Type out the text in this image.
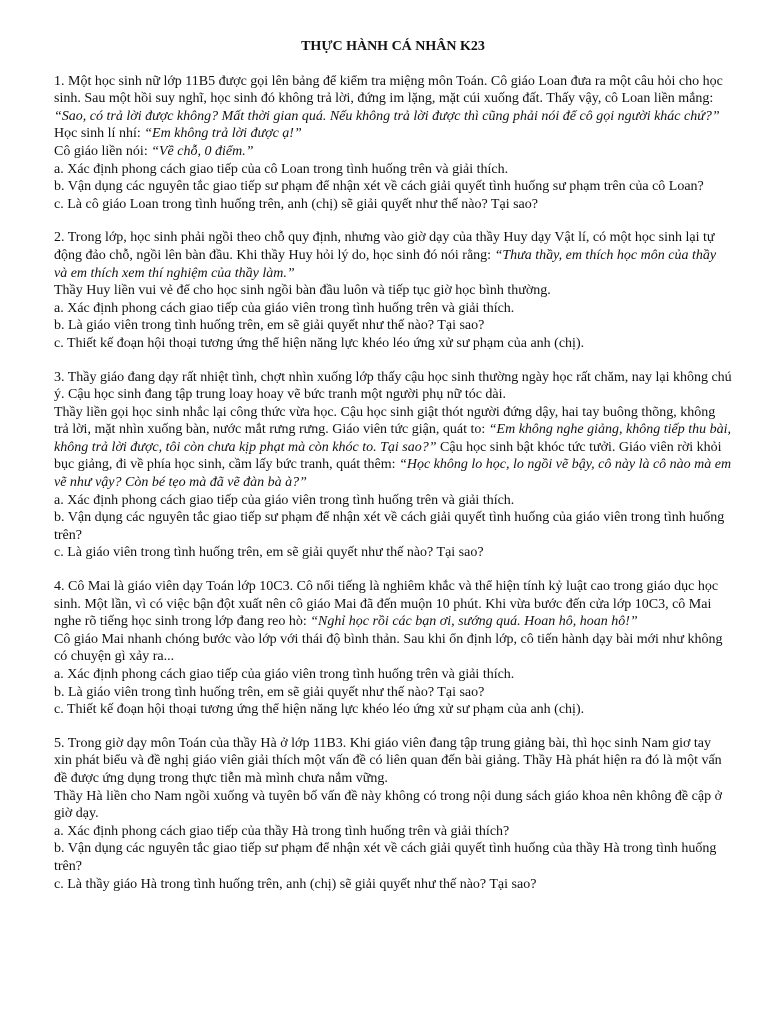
THỰC HÀNH CÁ NHÂN K23

1. Một học sinh nữ lớp 11B5 được gọi lên bảng để kiểm tra miệng môn Toán. Cô giáo Loan đưa ra một câu hỏi cho học sinh. Sau một hồi suy nghĩ, học sinh đó không trả lời, đứng im lặng, mặt cúi xuống đất. Thấy vậy, cô Loan liền mắng: “Sao, có trả lời được không? Mất thời gian quá. Nếu không trả lời được thì cũng phải nói để cô gọi người khác chứ?”

Học sinh lí nhí: “Em không trả lời được ạ!”

Cô giáo liền nói: “Về chỗ, 0 điểm.”

a. Xác định phong cách giao tiếp của cô Loan trong tình huống trên và giải thích.

b. Vận dụng các nguyên tắc giao tiếp sư phạm để nhận xét về cách giải quyết tình huống sư phạm trên của cô Loan?

c. Là cô giáo Loan trong tình huống trên, anh (chị) sẽ giải quyết như thế nào? Tại sao?

2. Trong lớp, học sinh phải ngồi theo chỗ quy định, nhưng vào giờ dạy của thầy Huy dạy Vật lí, có một học sinh lại tự động đảo chỗ, ngồi lên bàn đầu. Khi thầy Huy hỏi lý do, học sinh đó nói rằng: “Thưa thầy, em thích học môn của thầy và em thích xem thí nghiệm của thầy làm.”

Thầy Huy liền vui vẻ để cho học sinh ngồi bàn đầu luôn và tiếp tục giờ học bình thường.

a. Xác định phong cách giao tiếp của giáo viên trong tình huống trên và giải thích.

b. Là giáo viên trong tình huống trên, em sẽ giải quyết như thế nào? Tại sao?

c. Thiết kế đoạn hội thoại tương ứng thể hiện năng lực khéo léo ứng xử sư phạm của anh (chị).

3. Thầy giáo đang dạy rất nhiệt tình, chợt nhìn xuống lớp thấy cậu học sinh thường ngày học rất chăm, nay lại không chú ý. Cậu học sinh đang tập trung loay hoay vẽ bức tranh một người phụ nữ tóc dài.

Thầy liền gọi học sinh nhắc lại công thức vừa học. Cậu học sinh giật thót người đứng dậy, hai tay buông thõng, không trả lời, mặt nhìn xuống bàn, nước mắt rưng rưng. Giáo viên tức giận, quát to: “Em không nghe giảng, không tiếp thu bài, không trả lời được, tôi còn chưa kịp phạt mà còn khóc to. Tại sao?” Cậu học sinh bật khóc tức tưởi. Giáo viên rời khỏi bục giảng, đi về phía học sinh, cầm lấy bức tranh, quát thêm: “Học không lo học, lo ngồi vẽ bậy, cô này là cô nào mà em vẽ như vậy? Còn bé tẹo mà đã vẽ đàn bà à?”

a. Xác định phong cách giao tiếp của giáo viên trong tình huống trên và giải thích.

b. Vận dụng các nguyên tắc giao tiếp sư phạm để nhận xét về cách giải quyết tình huống của giáo viên trong tình huống trên?

c. Là giáo viên trong tình huống trên, em sẽ giải quyết như thế nào? Tại sao?

4. Cô Mai là giáo viên dạy Toán lớp 10C3. Cô nổi tiếng là nghiêm khắc và thể hiện tính kỷ luật cao trong giáo dục học sinh. Một lần, vì có việc bận đột xuất nên cô giáo Mai đã đến muộn 10 phút. Khi vừa bước đến cửa lớp 10C3, cô Mai nghe rõ tiếng học sinh trong lớp đang reo hò: “Nghỉ học rồi các bạn ơi, sướng quá. Hoan hô, hoan hô!”

Cô giáo Mai nhanh chóng bước vào lớp với thái độ bình thản. Sau khi ổn định lớp, cô tiến hành dạy bài mới như không có chuyện gì xảy ra...

a. Xác định phong cách giao tiếp của giáo viên trong tình huống trên và giải thích.

b. Là giáo viên trong tình huống trên, em sẽ giải quyết như thế nào? Tại sao?

c. Thiết kế đoạn hội thoại tương ứng thể hiện năng lực khéo léo ứng xử sư phạm của anh (chị).

5. Trong giờ dạy môn Toán của thầy Hà ở lớp 11B3. Khi giáo viên đang tập trung giảng bài, thì học sinh Nam giơ tay xin phát biểu và đề nghị giáo viên giải thích một vấn đề có liên quan đến bài giảng. Thầy Hà phát hiện ra đó là một vấn đề được ứng dụng trong thực tiễn mà mình chưa nắm vững.

Thầy Hà liền cho Nam ngồi xuống và tuyên bố vấn đề này không có trong nội dung sách giáo khoa nên không đề cập ở giờ dạy.

a. Xác định phong cách giao tiếp của thầy Hà trong tình huống trên và giải thích?

b. Vận dụng các nguyên tắc giao tiếp sư phạm để nhận xét về cách giải quyết tình huống của thầy Hà trong tình huống trên?

c. Là thầy giáo Hà trong tình huống trên, anh (chị) sẽ giải quyết như thế nào? Tại sao?
